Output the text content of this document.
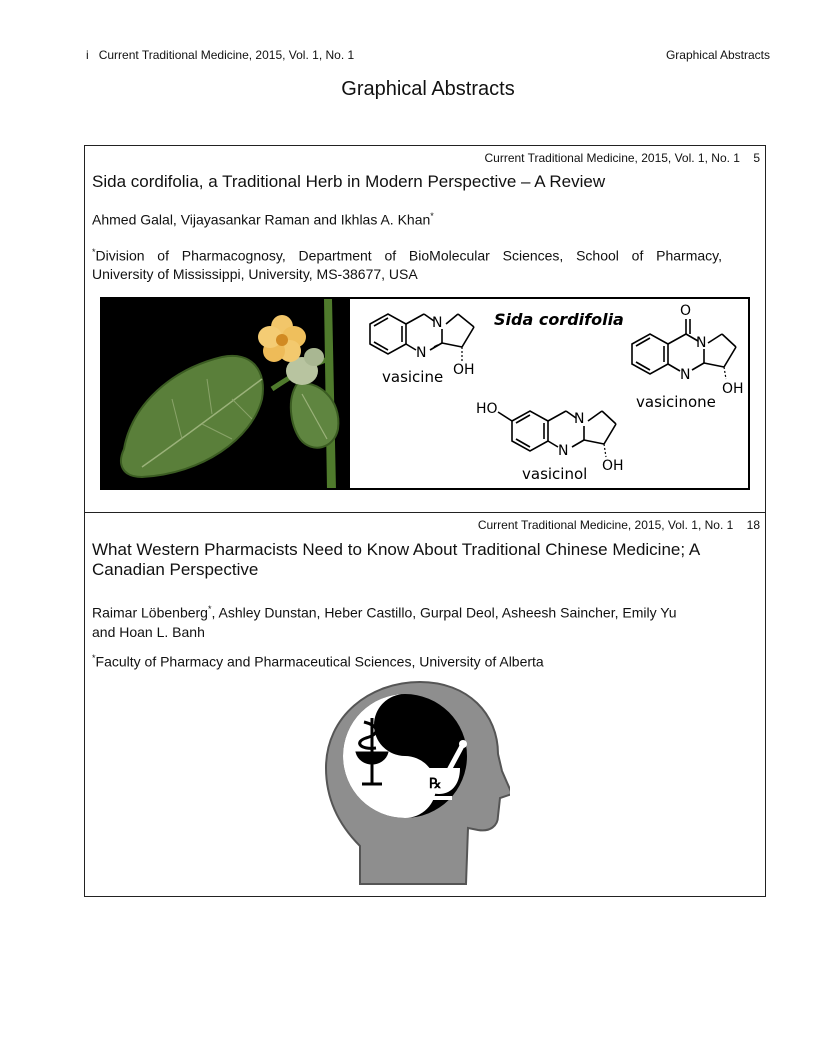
i Current Traditional Medicine, 2015, Vol. 1, No. 1	Graphical Abstracts
Graphical Abstracts
Current Traditional Medicine, 2015, Vol. 1, No. 1 5
Sida cordifolia, a Traditional Herb in Modern Perspective – A Review
Ahmed Galal, Vijayasankar Raman and Ikhlas A. Khan*
*Division of Pharmacognosy, Department of BioMolecular Sciences, School of Pharmacy,
University of Mississippi, University, MS-38677, USA
N
N
OH
vasicine
Sida cordifolia	O
N
N
OH
vasicinone
HO
N
N
OH
vasicinol
Current Traditional Medicine, 2015, Vol. 1, No. 1 18
What Western Pharmacists Need to Know About Traditional Chinese Medicine; A
Canadian Perspective
Raimar Löbenberg*, Ashley Dunstan, Heber Castillo, Gurpal Deol, Asheesh Saincher, Emily Yu
and Hoan L. Banh
*Faculty of Pharmacy and Pharmaceutical Sciences, University of Alberta
℞
